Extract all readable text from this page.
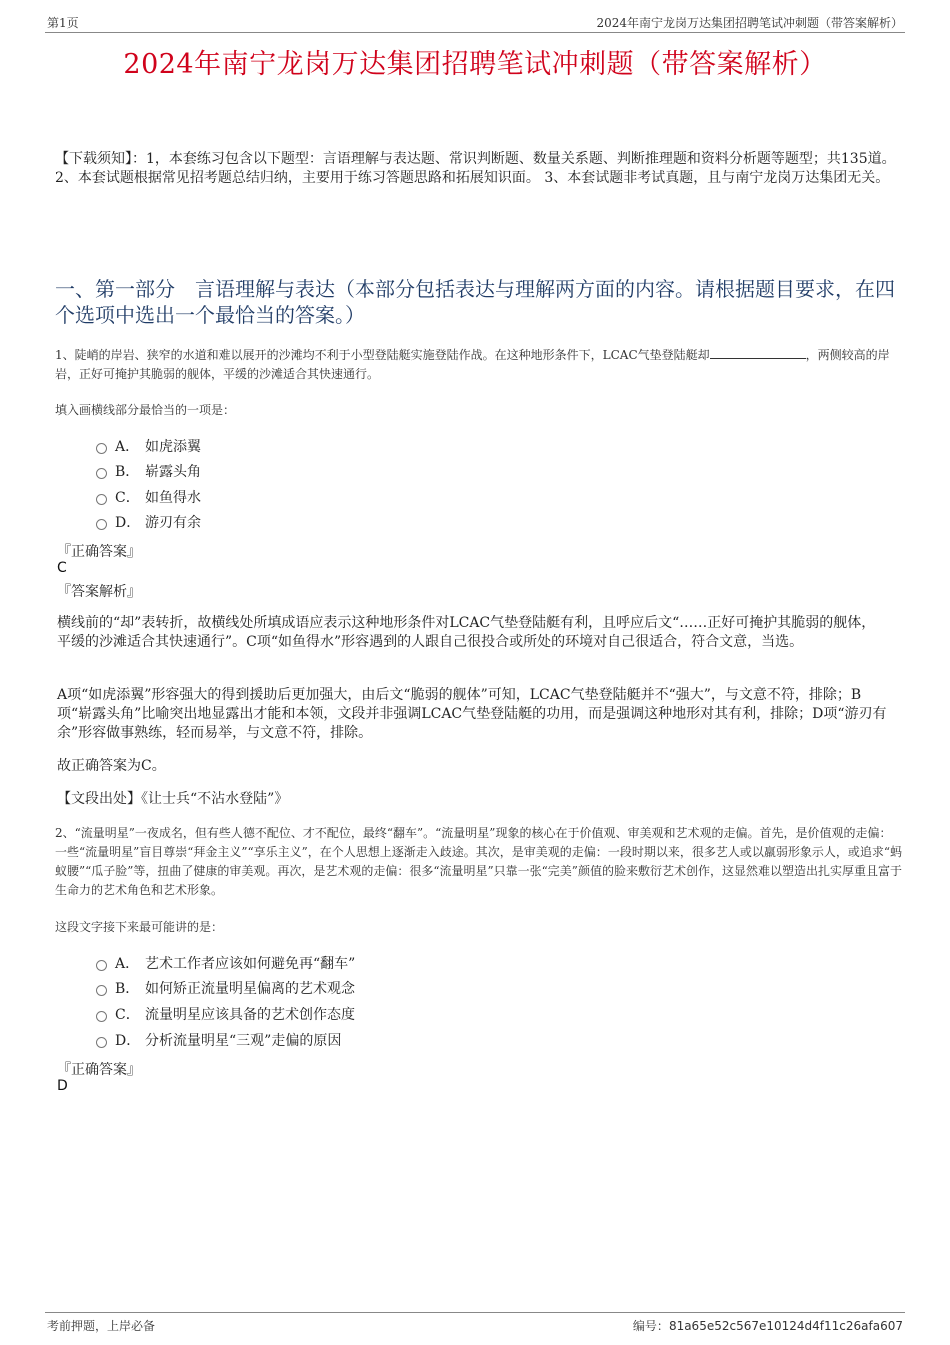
第1页	2024年南宁龙岗万达集团招聘笔试冲刺题（带答案解析）
2024年南宁龙岗万达集团招聘笔试冲刺题（带答案解析）
【下载须知】：1，本套练习包含以下题型：言语理解与表达题、常识判断题、数量关系题、判断推理题和资料分析题等题型；共135道。 2、本套试题根据常见招考题总结归纳，主要用于练习答题思路和拓展知识面。 3、本套试题非考试真题，且与南宁龙岗万达集团无关。
一、第一部分　言语理解与表达（本部分包括表达与理解两方面的内容。请根据题目要求，在四个选项中选出一个最恰当的答案。）
1、陡峭的岸岩、狭窄的水道和难以展开的沙滩均不利于小型登陆艇实施登陆作战。在这种地形条件下，LCAC气垫登陆艇却	，两侧较高的岸岩，正好可掩护其脆弱的舰体，平缓的沙滩适合其快速通行。
填入画横线部分最恰当的一项是：
A． 如虎添翼
B． 崭露头角
C． 如鱼得水
D． 游刃有余
『正确答案』
C
『答案解析』
横线前的“却”表转折，故横线处所填成语应表示这种地形条件对LCAC气垫登陆艇有利，且呼应后文“……正好可掩护其脆弱的舰体，平缓的沙滩适合其快速通行”。C项“如鱼得水”形容遇到的人跟自己很投合或所处的环境对自己很适合，符合文意，当选。
A项“如虎添翼”形容强大的得到援助后更加强大，由后文“脆弱的舰体”可知，LCAC气垫登陆艇并不“强大”，与文意不符，排除；B项“崭露头角”比喻突出地显露出才能和本领，文段并非强调LCAC气垫登陆艇的功用，而是强调这种地形对其有利，排除；D项“游刃有余”形容做事熟练，轻而易举，与文意不符，排除。
故正确答案为C。
【文段出处】《让士兵“不沾水登陆”》
2、“流量明星”一夜成名，但有些人德不配位、才不配位，最终“翻车”。“流量明星”现象的核心在于价值观、审美观和艺术观的走偏。首先，是价值观的走偏：一些“流量明星”盲目尊崇“拜金主义”“享乐主义”，在个人思想上逐渐走入歧途。其次，是审美观的走偏：一段时期以来，很多艺人或以羸弱形象示人，或追求“蚂蚁腰”“瓜子脸”等，扭曲了健康的审美观。再次，是艺术观的走偏：很多“流量明星”只靠一张“完美”颜值的脸来敷衍艺术创作，这显然难以塑造出扎实厚重且富于生命力的艺术角色和艺术形象。
这段文字接下来最可能讲的是：
A． 艺术工作者应该如何避免再“翻车”
B． 如何矫正流量明星偏离的艺术观念
C． 流量明星应该具备的艺术创作态度
D． 分析流量明星“三观”走偏的原因
『正确答案』
D
考前押题，上岸必备	编号：81a65e52c567e10124d4f11c26afa607
